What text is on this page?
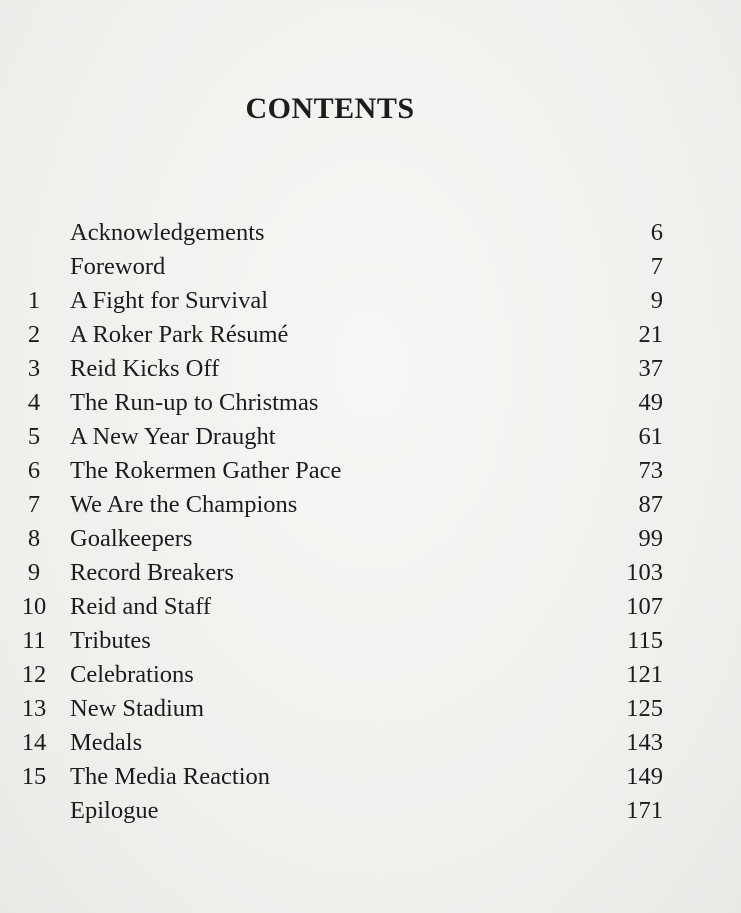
CONTENTS
Acknowledgements	6
Foreword	7
1	A Fight for Survival	9
2	A Roker Park Résumé	21
3	Reid Kicks Off	37
4	The Run-up to Christmas	49
5	A New Year Draught	61
6	The Rokermen Gather Pace	73
7	We Are the Champions	87
8	Goalkeepers	99
9	Record Breakers	103
10 Reid and Staff	107
11 Tributes	115
12 Celebrations	121
13 New Stadium	125
14 Medals	143
15 The Media Reaction	149
Epilogue	171
